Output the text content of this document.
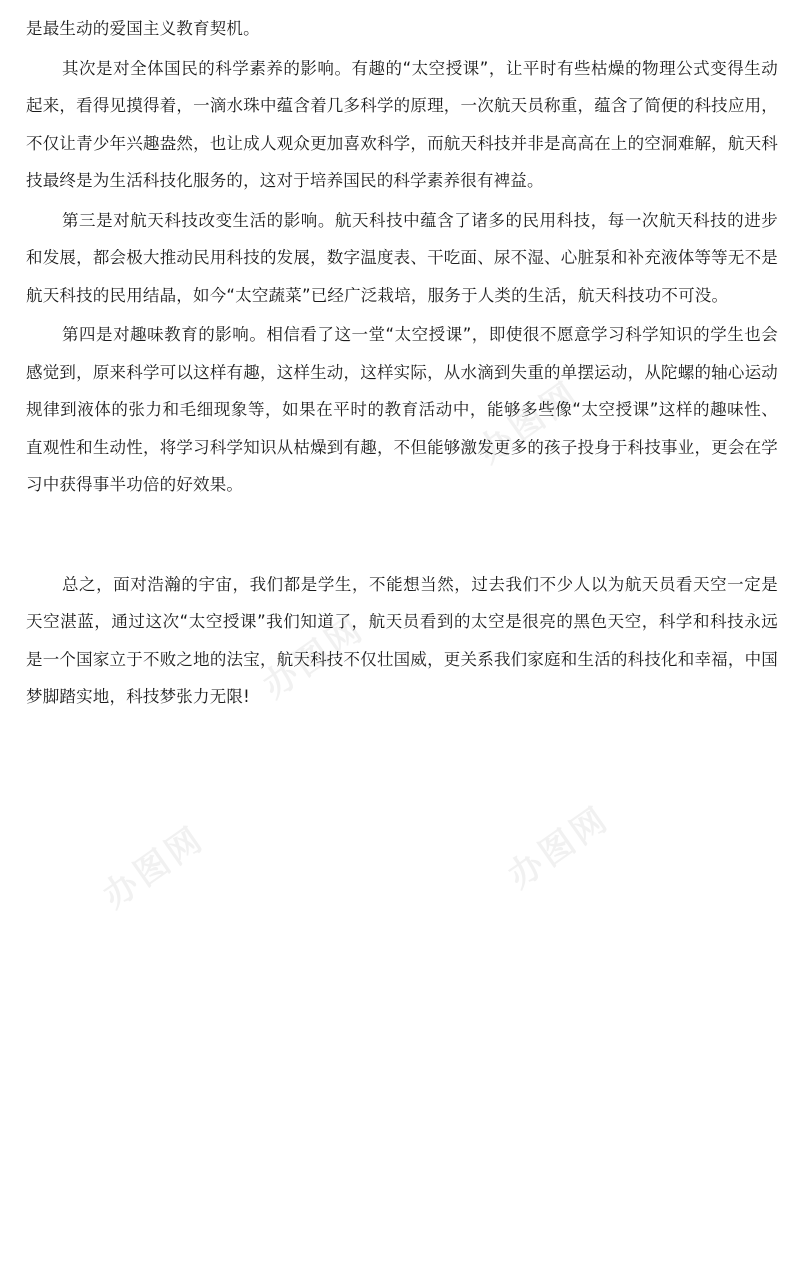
办图网
办图网
办图网
办图网

是最生动的爱国主义教育契机。

其次是对全体国民的科学素养的影响。有趣的“太空授课”，让平时有些枯燥的物理公式变得生动起来，看得见摸得着，一滴水珠中蕴含着几多科学的原理，一次航天员称重，蕴含了简便的科技应用，不仅让青少年兴趣盎然，也让成人观众更加喜欢科学，而航天科技并非是高高在上的空洞难解，航天科技最终是为生活科技化服务的，这对于培养国民的科学素养很有裨益。

第三是对航天科技改变生活的影响。航天科技中蕴含了诸多的民用科技，每一次航天科技的进步和发展，都会极大推动民用科技的发展，数字温度表、干吃面、尿不湿、心脏泵和补充液体等等无不是航天科技的民用结晶，如今“太空蔬菜”已经广泛栽培，服务于人类的生活，航天科技功不可没。

第四是对趣味教育的影响。相信看了这一堂“太空授课”，即使很不愿意学习科学知识的学生也会感觉到，原来科学可以这样有趣，这样生动，这样实际，从水滴到失重的单摆运动，从陀螺的轴心运动规律到液体的张力和毛细现象等，如果在平时的教育活动中，能够多些像“太空授课”这样的趣味性、直观性和生动性，将学习科学知识从枯燥到有趣，不但能够激发更多的孩子投身于科技事业，更会在学习中获得事半功倍的好效果。

总之，面对浩瀚的宇宙，我们都是学生，不能想当然，过去我们不少人以为航天员看天空一定是天空湛蓝，通过这次“太空授课”我们知道了，航天员看到的太空是很亮的黑色天空，科学和科技永远是一个国家立于不败之地的法宝，航天科技不仅壮国威，更关系我们家庭和生活的科技化和幸福，中国梦脚踏实地，科技梦张力无限!
